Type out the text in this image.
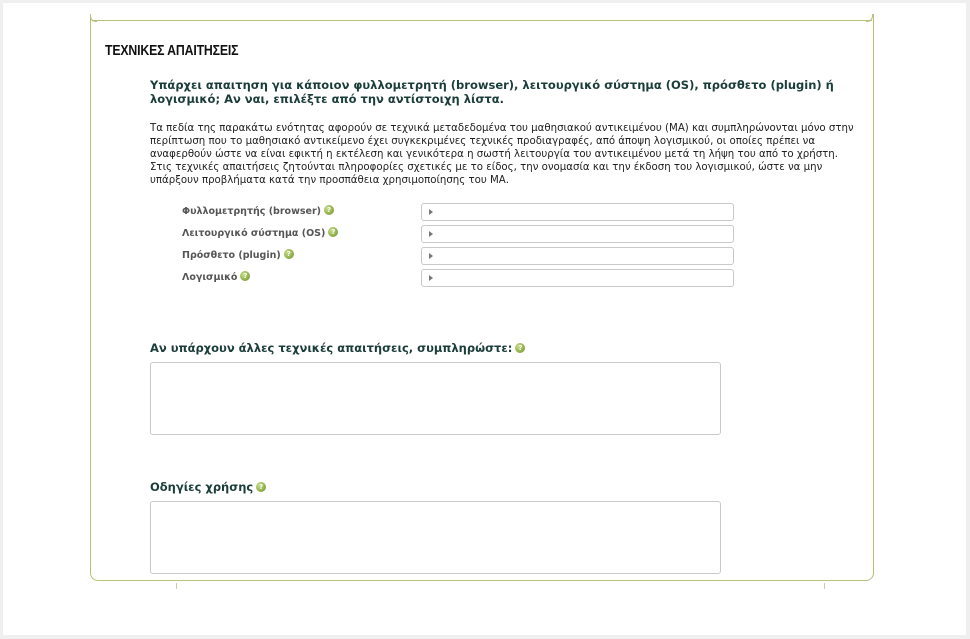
ΤΕΧΝΙΚΕΣ ΑΠΑΙΤΗΣΕΙΣ
Υπάρχει απαιτηση για κάποιον φυλλομετρητή (browser), λειτουργικό σύστημα (OS), πρόσθετο (plugin) ή λογισμικό; Αν ναι, επιλέξτε από την αντίστοιχη λίστα.
Τα πεδία της παρακάτω ενότητας αφορούν σε τεχνικά μεταδεδομένα του μαθησιακού αντικειμένου (ΜΑ) και συμπληρώνονται μόνο στην περίπτωση που το μαθησιακό αντικείμενο έχει συγκεκριμένες τεχνικές προδιαγραφές, από άποψη λογισμικού, οι οποίες πρέπει να αναφερθούν ώστε να είναι εφικτή η εκτέλεση και γενικότερα η σωστή λειτουργία του αντικειμένου μετά τη λήψη του από το χρήστη. Στις τεχνικές απαιτήσεις ζητούνται πληροφορίες σχετικές με το είδος, την ονομασία και την έκδοση του λογισμικού, ώστε να μην υπάρξουν προβλήματα κατά την προσπάθεια χρησιμοποίησης του ΜΑ.
Φυλλομετρητής (browser)?
Λειτουργικό σύστημα (OS)?
Πρόσθετο (plugin)?
Λογισμικό?
Αν υπάρχουν άλλες τεχνικές απαιτήσεις, συμπληρώστε:?
Οδηγίες χρήσης?
